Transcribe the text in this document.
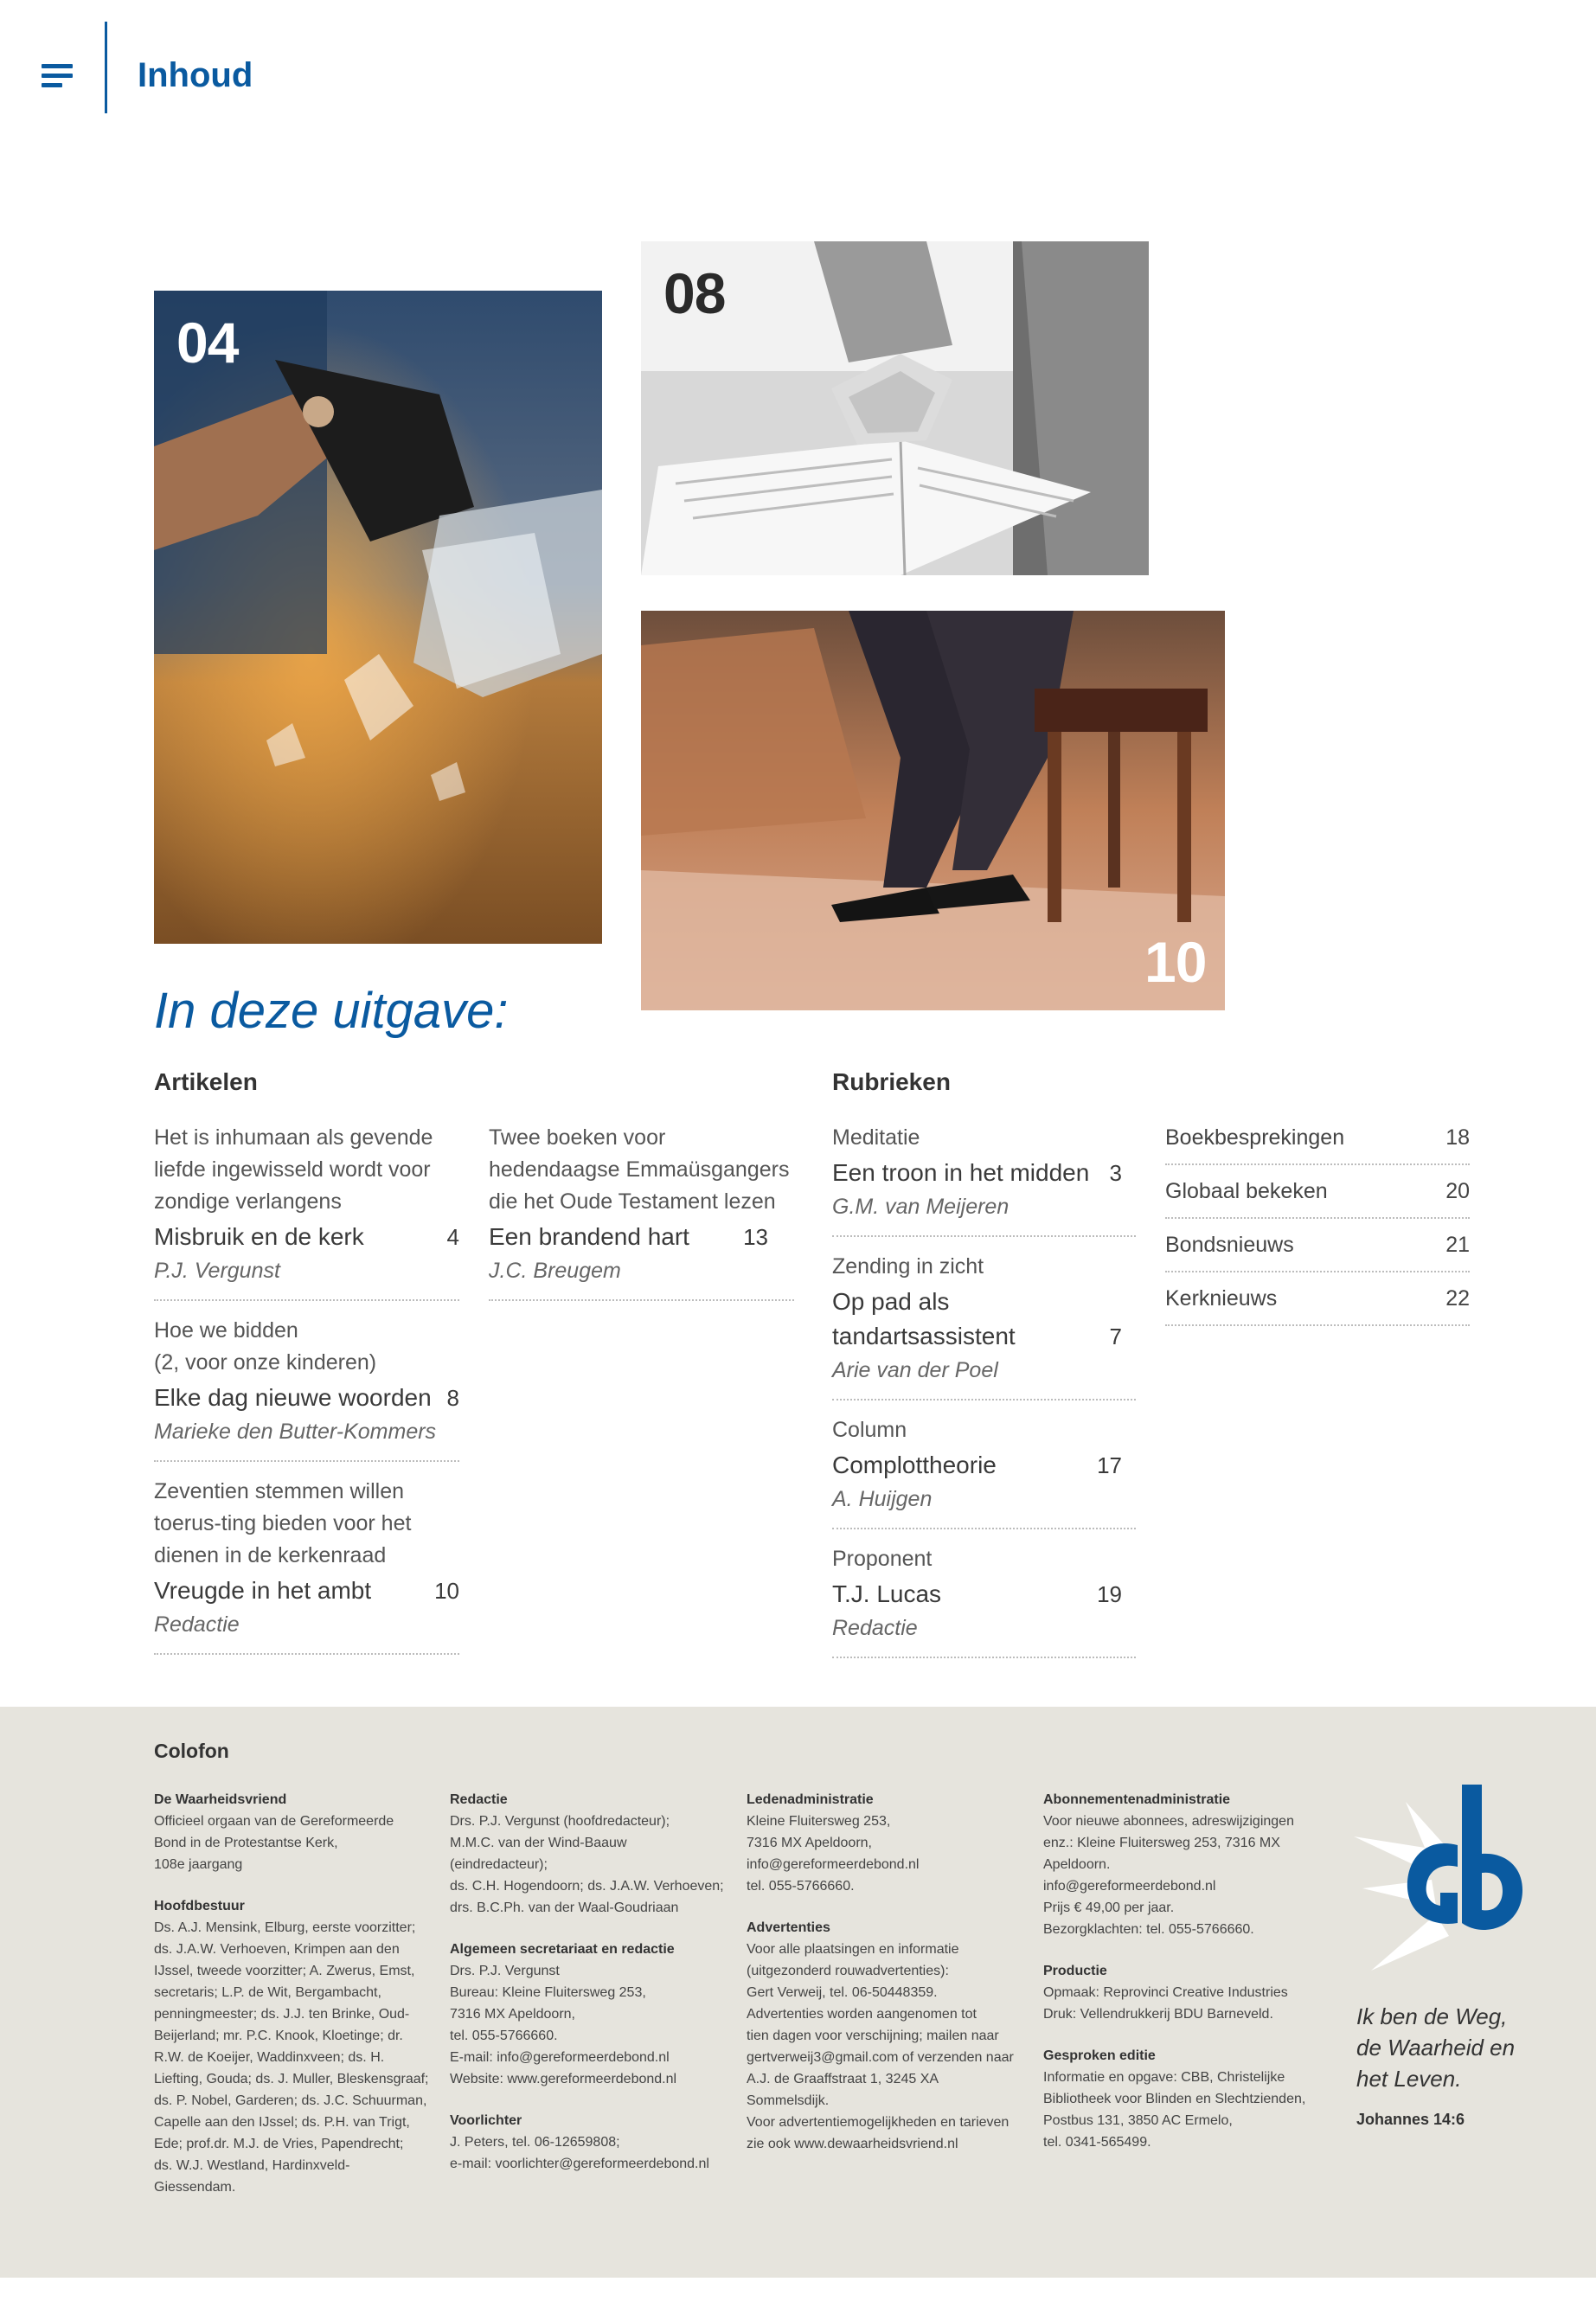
Inhoud
04
08
10
In deze uitgave:
Artikelen	Rubrieken
Het is inhumaan als gevende liefde ingewisseld wordt voor zondige verlangens
Misbruik en de kerk	4
P.J. Vergunst
Hoe we bidden
(2, voor onze kinderen)
Elke dag nieuwe woorden 8
Marieke den Butter-Kommers
Zeventien stemmen willen toerus-ting bieden voor het dienen in de kerkenraad
Vreugde in het ambt	10
Redactie
Twee boeken voor hedendaagse Emmaüsgangers die het Oude Testament lezen
Een brandend hart 13
J.C. Breugem
Meditatie
Een troon in het midden 3
G.M. van Meijeren
Zending in zicht
Op pad als tandartsassistent	7
Arie van der Poel
Column
Complottheorie	17
A. Huijgen
Proponent
T.J. Lucas	19
Redactie
Boekbesprekingen	18
Globaal bekeken	20
Bondsnieuws	21
Kerknieuws	22
Colofon
De Waarheidsvriend
Officieel orgaan van de Gereformeerde
Bond in de Protestantse Kerk,
108e jaargang
Hoofdbestuur
Ds. A.J. Mensink, Elburg, eerste voorzitter;
ds. J.A.W. Verhoeven, Krimpen aan den
IJssel, tweede voorzitter; A. Zwerus, Emst,
secretaris; L.P. de Wit, Bergambacht,
penningmeester; ds. J.J. ten Brinke, Oud-
Beijerland; mr. P.C. Knook, Kloetinge; dr.
R.W. de Koeijer, Waddinxveen; ds. H.
Liefting, Gouda; ds. J. Muller, Bleskensgraaf;
ds. P. Nobel, Garderen; ds. J.C. Schuurman,
Capelle aan den IJssel; ds. P.H. van Trigt,
Ede; prof.dr. M.J. de Vries, Papendrecht;
ds. W.J. Westland, Hardinxveld-Giessendam.
Redactie
Drs. P.J. Vergunst (hoofdredacteur);
M.M.C. van der Wind-Baauw (eindredacteur);
ds. C.H. Hogendoorn; ds. J.A.W. Verhoeven;
drs. B.C.Ph. van der Waal-Goudriaan
Algemeen secretariaat en redactie
Drs. P.J. Vergunst
Bureau: Kleine Fluitersweg 253,
7316 MX Apeldoorn,
tel. 055-5766660.
E-mail: info@gereformeerdebond.nl
Website: www.gereformeerdebond.nl
Voorlichter
J. Peters, tel. 06-12659808;
e-mail: voorlichter@gereformeerdebond.nl
Ledenadministratie
Kleine Fluitersweg 253,
7316 MX Apeldoorn,
info@gereformeerdebond.nl
tel. 055-5766660.
Advertenties
Voor alle plaatsingen en informatie
(uitgezonderd rouwadvertenties):
Gert Verweij, tel. 06-50448359.
Advertenties worden aangenomen tot
tien dagen voor verschijning; mailen naar
gertverweij3@gmail.com of verzenden naar
A.J. de Graaffstraat 1, 3245 XA Sommelsdijk.
Voor advertentiemogelijkheden en tarieven
zie ook www.dewaarheidsvriend.nl
Abonnementenadministratie
Voor nieuwe abonnees, adreswijzigingen
enz.: Kleine Fluitersweg 253, 7316 MX
Apeldoorn.
info@gereformeerdebond.nl
Prijs € 49,00 per jaar.
Bezorgklachten: tel. 055-5766660.
Productie
Opmaak: Reprovinci Creative Industries
Druk: Vellendrukkerij BDU Barneveld.
Gesproken editie
Informatie en opgave: CBB, Christelijke
Bibliotheek voor Blinden en Slechtzienden,
Postbus 131, 3850 AC Ermelo,
tel. 0341-565499.
Ik ben de Weg,
de Waarheid en
het Leven.
Johannes 14:6
